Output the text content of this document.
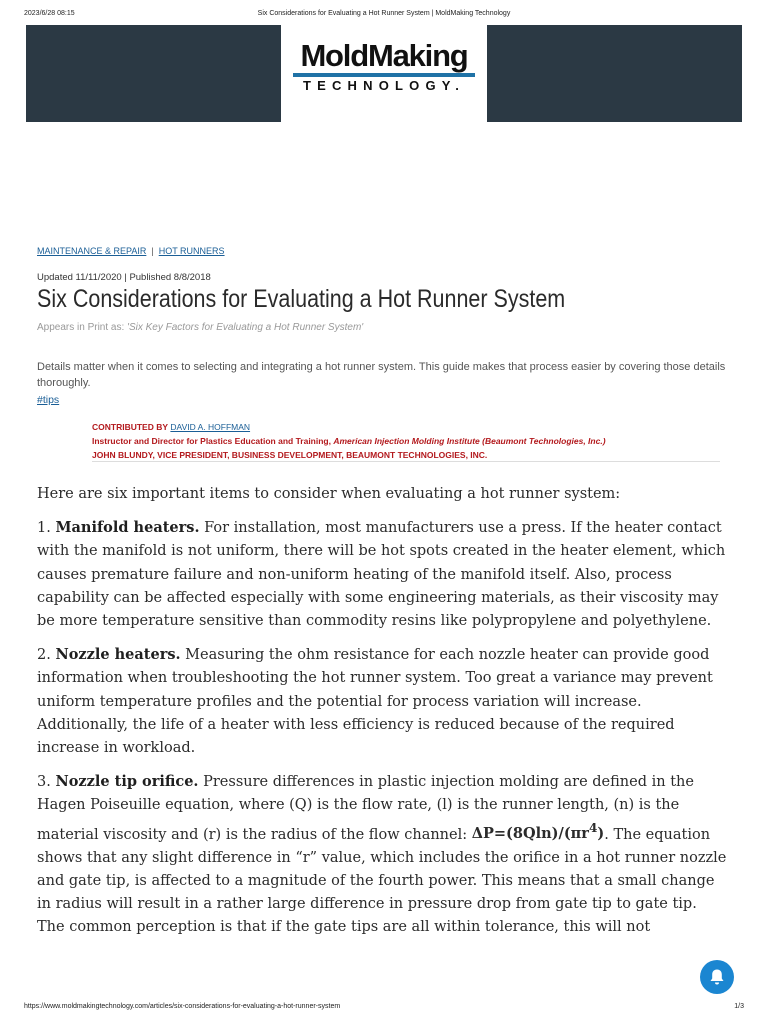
2023/6/28 08:15	Six Considerations for Evaluating a Hot Runner System | MoldMaking Technology
MoldMaking
TECHNOLOGY.
MAINTENANCE & REPAIR | HOT RUNNERS
Updated 11/11/2020 | Published 8/8/2018
Six Considerations for Evaluating a Hot Runner System
Appears in Print as: 'Six Key Factors for Evaluating a Hot Runner System'
Details matter when it comes to selecting and integrating a hot runner system. This guide makes that process easier by covering those details thoroughly.
#tips
CONTRIBUTED BY DAVID A. HOFFMAN
Instructor and Director for Plastics Education and Training, American Injection Molding Institute (Beaumont Technologies, Inc.)
JOHN BLUNDY, VICE PRESIDENT, BUSINESS DEVELOPMENT, BEAUMONT TECHNOLOGIES, INC.

Here are six important items to consider when evaluating a hot runner system:

1. Manifold heaters. For installation, most manufacturers use a press. If the heater contact with the manifold is not uniform, there will be hot spots created in the heater element, which causes premature failure and non-uniform heating of the manifold itself. Also, process capability can be affected especially with some engineering materials, as their viscosity may be more temperature sensitive than commodity resins like polypropylene and polyethylene.

2. Nozzle heaters. Measuring the ohm resistance for each nozzle heater can provide good information when troubleshooting the hot runner system. Too great a variance may prevent uniform temperature profiles and the potential for process variation will increase. Additionally, the life of a heater with less efficiency is reduced because of the required increase in workload.

3. Nozzle tip orifice. Pressure differences in plastic injection molding are defined in the Hagen Poiseuille equation, where (Q) is the flow rate, (l) is the runner length, (n) is the material viscosity and (r) is the radius of the flow channel: $\Delta P=(8Qln)/(\pi r^4)$. The equation shows that any slight difference in “r” value, which includes the orifice in a hot runner nozzle and gate tip, is affected to a magnitude of the fourth power. This means that a small change in radius will result in a rather large difference in pressure drop from gate tip to gate tip. The common perception is that if the gate tips are all within tolerance, this will not

https://www.moldmakingtechnology.com/articles/six-considerations-for-evaluating-a-hot-runner-system	1/3
